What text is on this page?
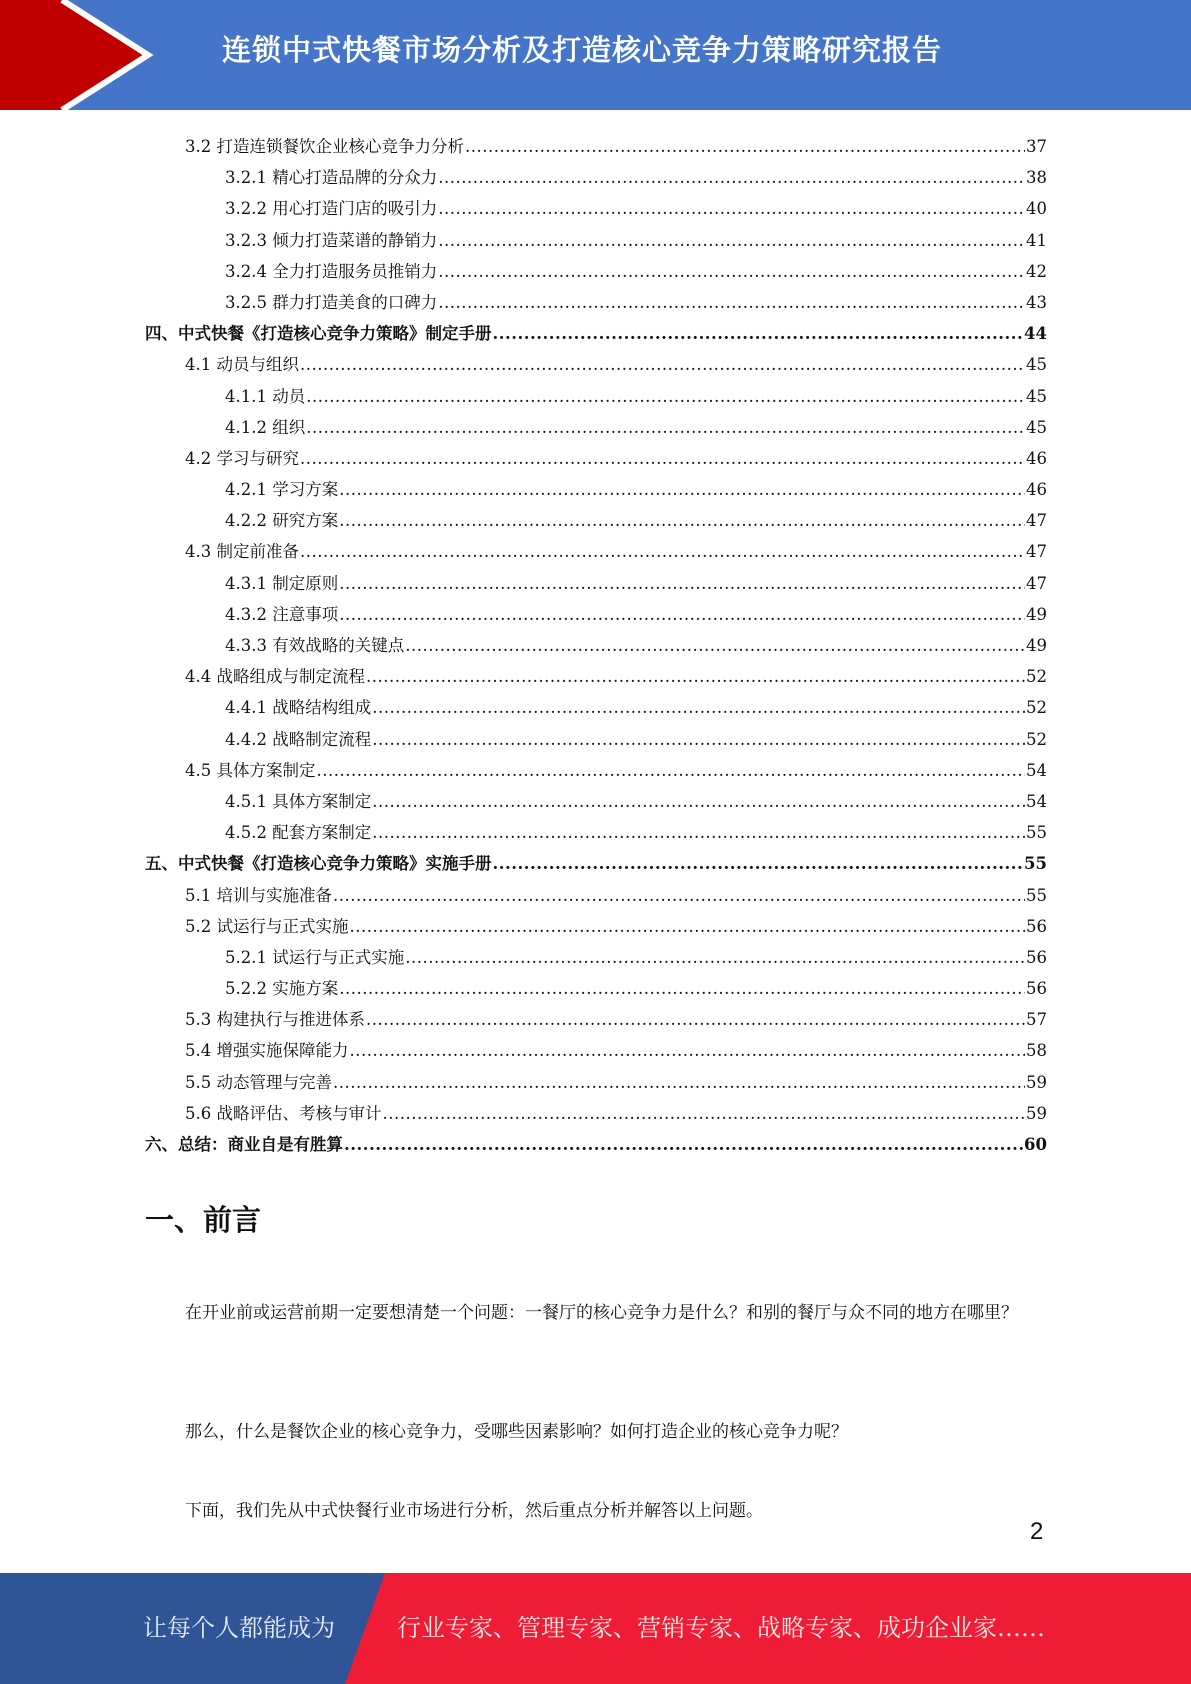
连锁中式快餐市场分析及打造核心竞争力策略研究报告
3.2 打造连锁餐饮企业核心竞争力分析 .....	37
3.2.1 精心打造品牌的分众力 .....	38
3.2.2 用心打造门店的吸引力 .....	40
3.2.3 倾力打造菜谱的静销力 .....	41
3.2.4 全力打造服务员推销力 .....	42
3.2.5 群力打造美食的口碑力 .....	43
四、中式快餐《打造核心竞争力策略》制定手册 .....	44
4.1 动员与组织 .....	45
4.1.1 动员 .....	45
4.1.2 组织 .....	45
4.2 学习与研究 .....	46
4.2.1 学习方案 .....	46
4.2.2 研究方案 .....	47
4.3 制定前准备 .....	47
4.3.1 制定原则 .....	47
4.3.2 注意事项 .....	49
4.3.3 有效战略的关键点 .....	49
4.4 战略组成与制定流程 .....	52
4.4.1 战略结构组成 .....	52
4.4.2 战略制定流程 .....	52
4.5 具体方案制定 .....	54
4.5.1 具体方案制定 .....	54
4.5.2 配套方案制定 .....	55
五、中式快餐《打造核心竞争力策略》实施手册 .....	55
5.1 培训与实施准备 .....	55
5.2 试运行与正式实施 .....	56
5.2.1 试运行与正式实施 .....	56
5.2.2 实施方案 .....	56
5.3 构建执行与推进体系 .....	57
5.4 增强实施保障能力 .....	58
5.5 动态管理与完善 .....	59
5.6 战略评估、考核与审计 .....	59
六、总结：商业自是有胜算 .....	60
一、前言
在开业前或运营前期一定要想清楚一个问题：一餐厅的核心竞争力是什么？和别的餐厅与众不同的地方在哪里？
那么，什么是餐饮企业的核心竞争力，受哪些因素影响？如何打造企业的核心竞争力呢？
下面，我们先从中式快餐行业市场进行分析，然后重点分析并解答以上问题。
2
让每个人都能成为	行业专家、管理专家、营销专家、战略专家、成功企业家……
